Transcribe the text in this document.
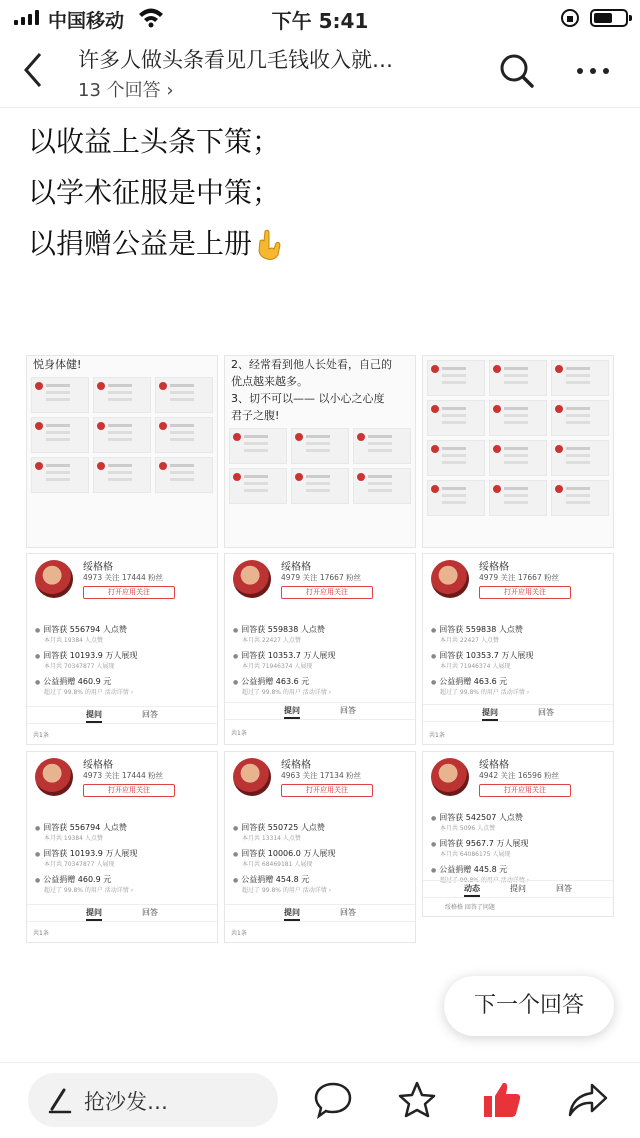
中国移动	下午 5:41
许多人做头条看见几毛钱收入就…
13 个回答 ›
以收益上头条下策；
以学术征服是中策；
以捐赠公益是上册
悦身体健!	2、经常看到他人长处看，自己的
优点越来越多。
3、切不可以—— 以小心之心度
君子之腹!
绥格格
4973 关注 17444 粉丝
打开应用关注
● 回答获 556794 人点赞
本月共 19384 人点赞
● 回答获 10193.9 万人展现
本月共 70347877 人展现
● 公益捐赠 460.9 元
超过了 99.8% 的用户 活动详情 ›
提问	回答
共1条
绥格格
4979 关注 17667 粉丝
打开应用关注
● 回答获 559838 人点赞
本月共 22427 人点赞
● 回答获 10353.7 万人展现
本月共 71946374 人展现
● 公益捐赠 463.6 元
超过了 99.8% 的用户 活动详情 ›
提问	回答
共1条
绥格格
4979 关注 17667 粉丝
打开应用关注
● 回答获 559838 人点赞
本月共 22427 人点赞
● 回答获 10353.7 万人展现
本月共 71946374 人展现
● 公益捐赠 463.6 元
超过了 99.8% 的用户 活动详情 ›
提问	回答
共1条
绥格格
4973 关注 17444 粉丝
打开应用关注
● 回答获 556794 人点赞
本月共 19384 人点赞
● 回答获 10193.9 万人展现
本月共 70347877 人展现
● 公益捐赠 460.9 元
超过了 99.8% 的用户 活动详情 ›
提问	回答
共1条
绥格格
4963 关注 17134 粉丝
打开应用关注
● 回答获 550725 人点赞
本月共 13314 人点赞
● 回答获 10006.0 万人展现
本月共 68469181 人展现
● 公益捐赠 454.8 元
超过了 99.8% 的用户 活动详情 ›
提问	回答
共1条
绥格格
4942 关注 16596 粉丝
打开应用关注
● 回答获 542507 人点赞
本月共 5096 人点赞
● 回答获 9567.7 万人展现
本月共 64086175 人展现
● 公益捐赠 445.8 元
超过了 99.8% 的用户 活动详情 ›
动态	提问	回答
绥格格 回答了问题
下一个回答
抢沙发…
